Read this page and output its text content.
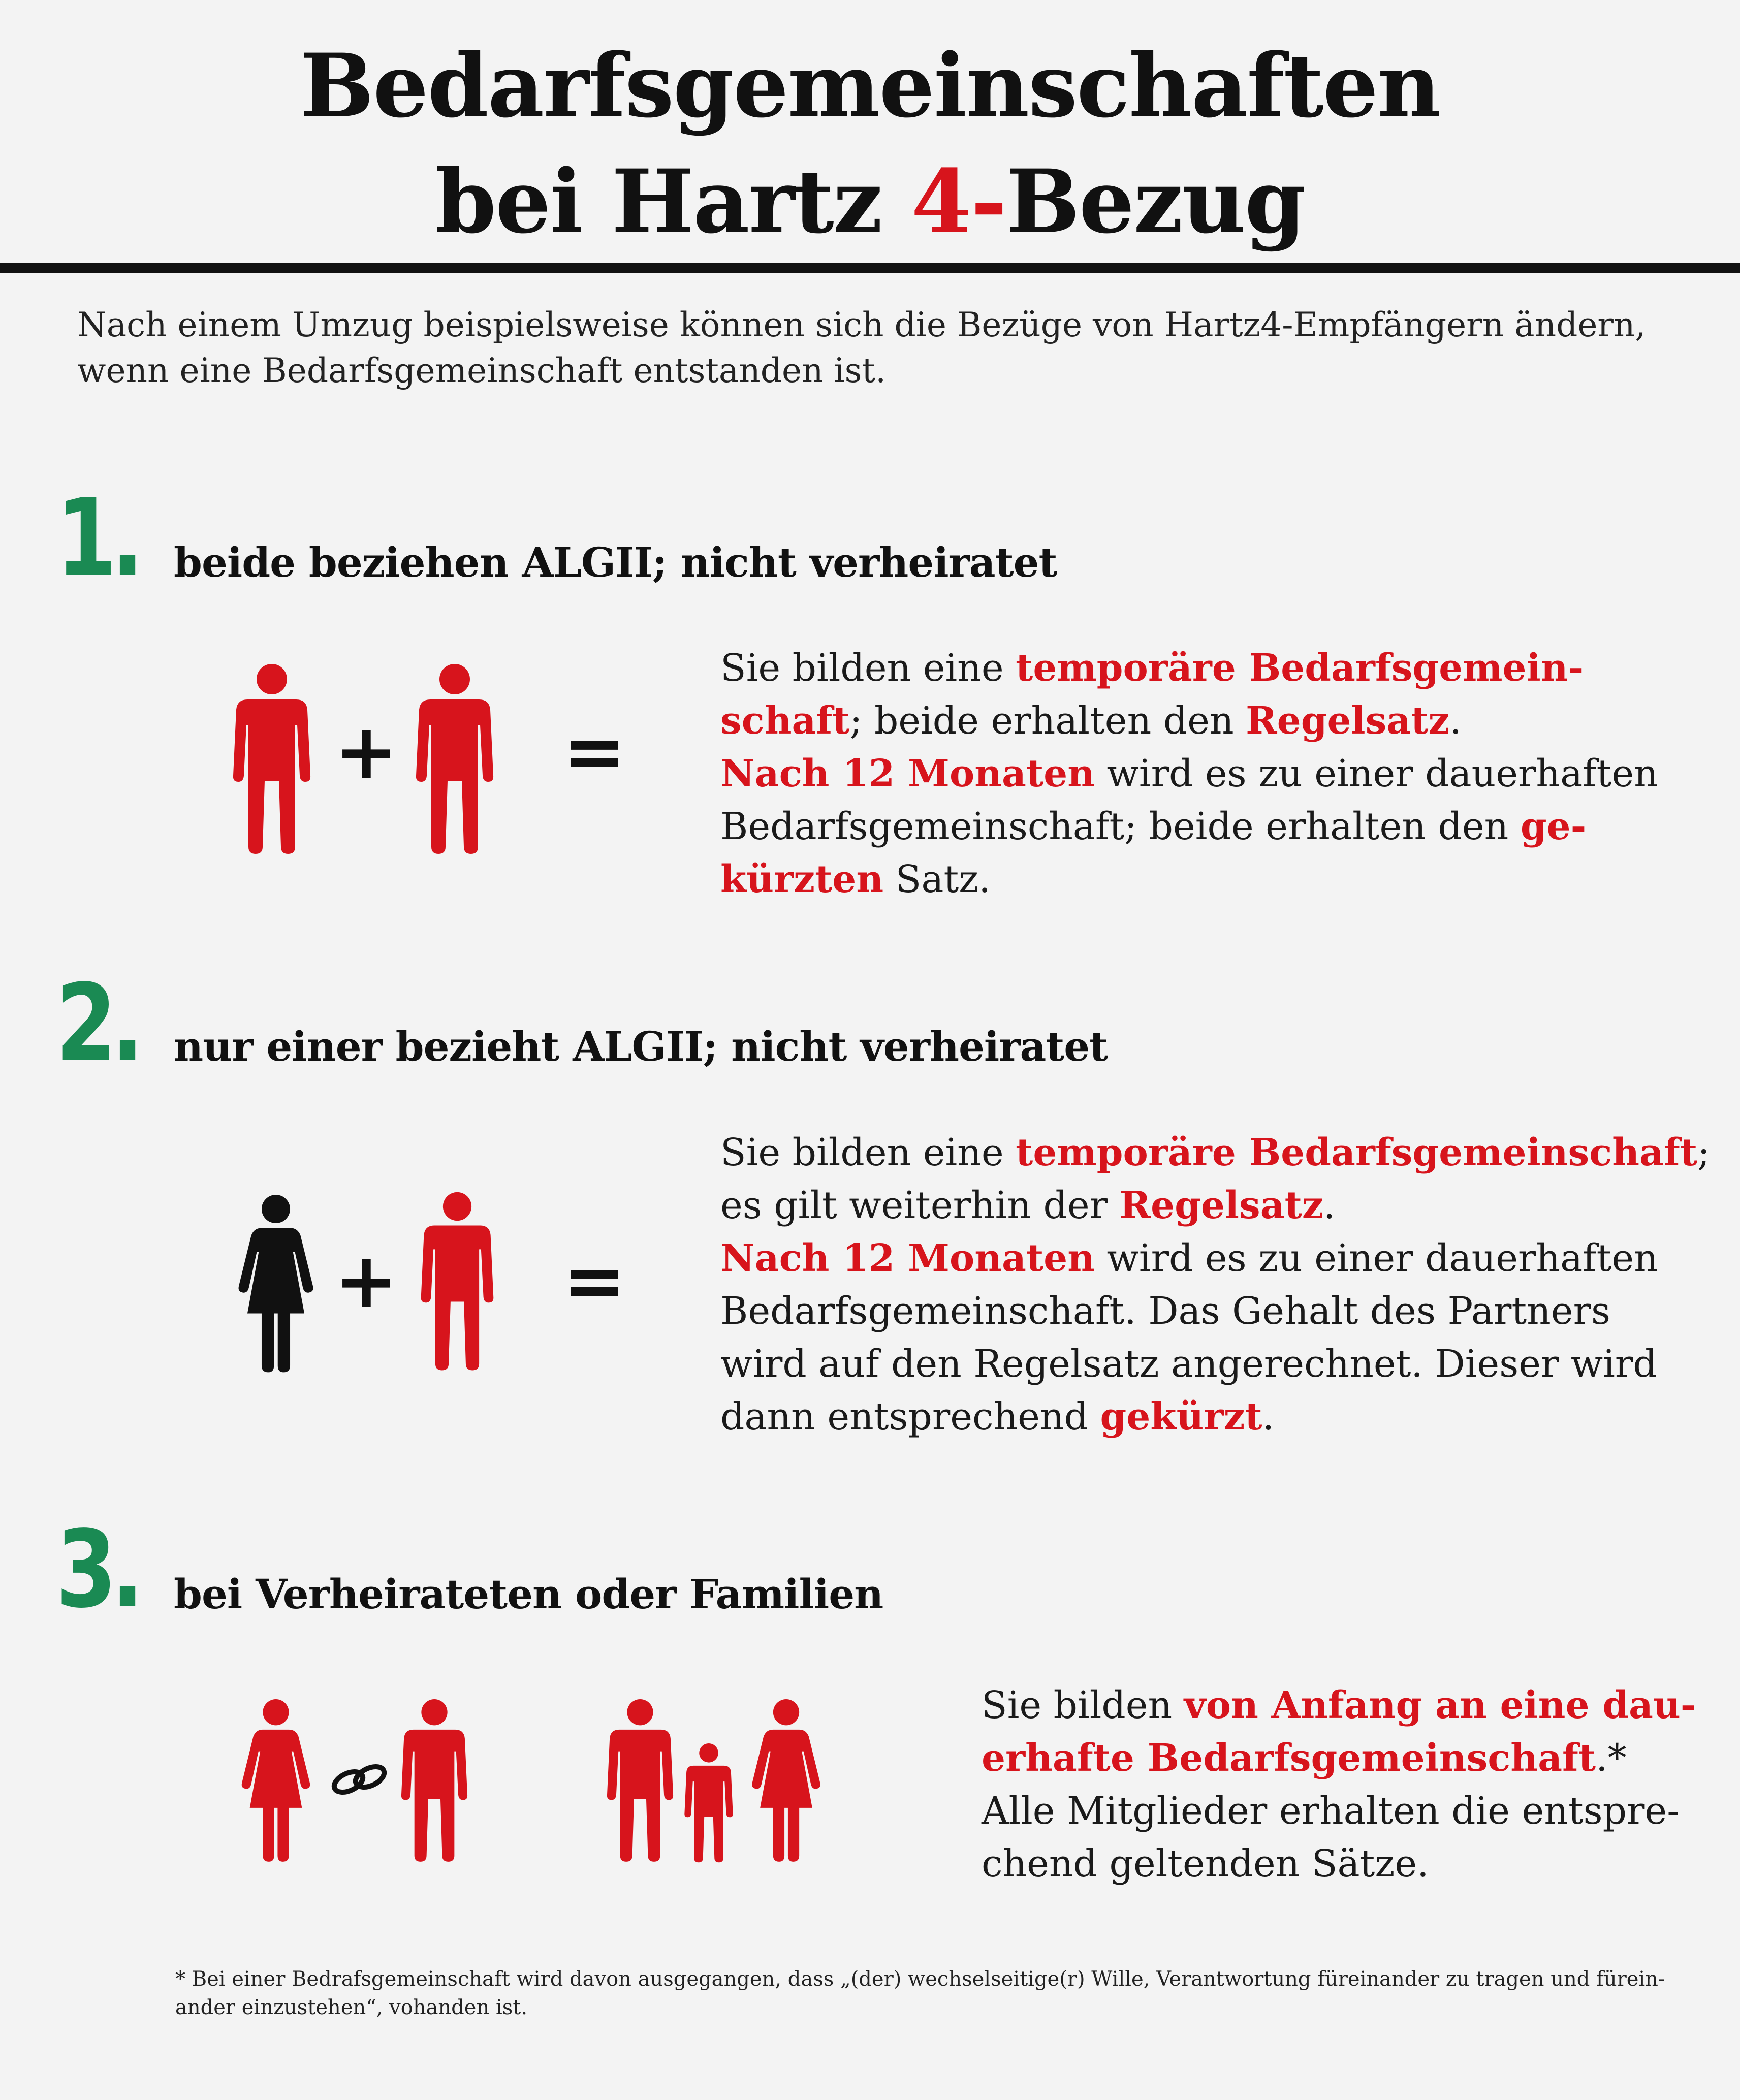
Bedarfsgemeinschaften
bei Hartz 4-Bezug
Nach einem Umzug beispielsweise können sich die Bezüge von Hartz4-Empfängern ändern, wenn eine Bedarfsgemeinschaft entstanden ist.
1. beide beziehen ALGII; nicht verheiratet
+ =
Sie bilden eine temporäre Bedarfsgemein-
schaft; beide erhalten den Regelsatz.
Nach 12 Monaten wird es zu einer dauerhaften
Bedarfsgemeinschaft; beide erhalten den ge-
kürzten Satz.
2. nur einer bezieht ALGII; nicht verheiratet
+ =
Sie bilden eine temporäre Bedarfsgemeinschaft;
es gilt weiterhin der Regelsatz.
Nach 12 Monaten wird es zu einer dauerhaften
Bedarfsgemeinschaft. Das Gehalt des Partners
wird auf den Regelsatz angerechnet. Dieser wird
dann entsprechend gekürzt.
3. bei Verheirateten oder Familien
Sie bilden von Anfang an eine dau-
erhafte Bedarfsgemeinschaft.*
Alle Mitglieder erhalten die entspre-
chend geltenden Sätze.
* Bei einer Bedrafsgemeinschaft wird davon ausgegangen, dass „(der) wechselseitige(r) Wille, Verantwortung füreinander zu tragen und fürein-
ander einzustehen“, vohanden ist.
